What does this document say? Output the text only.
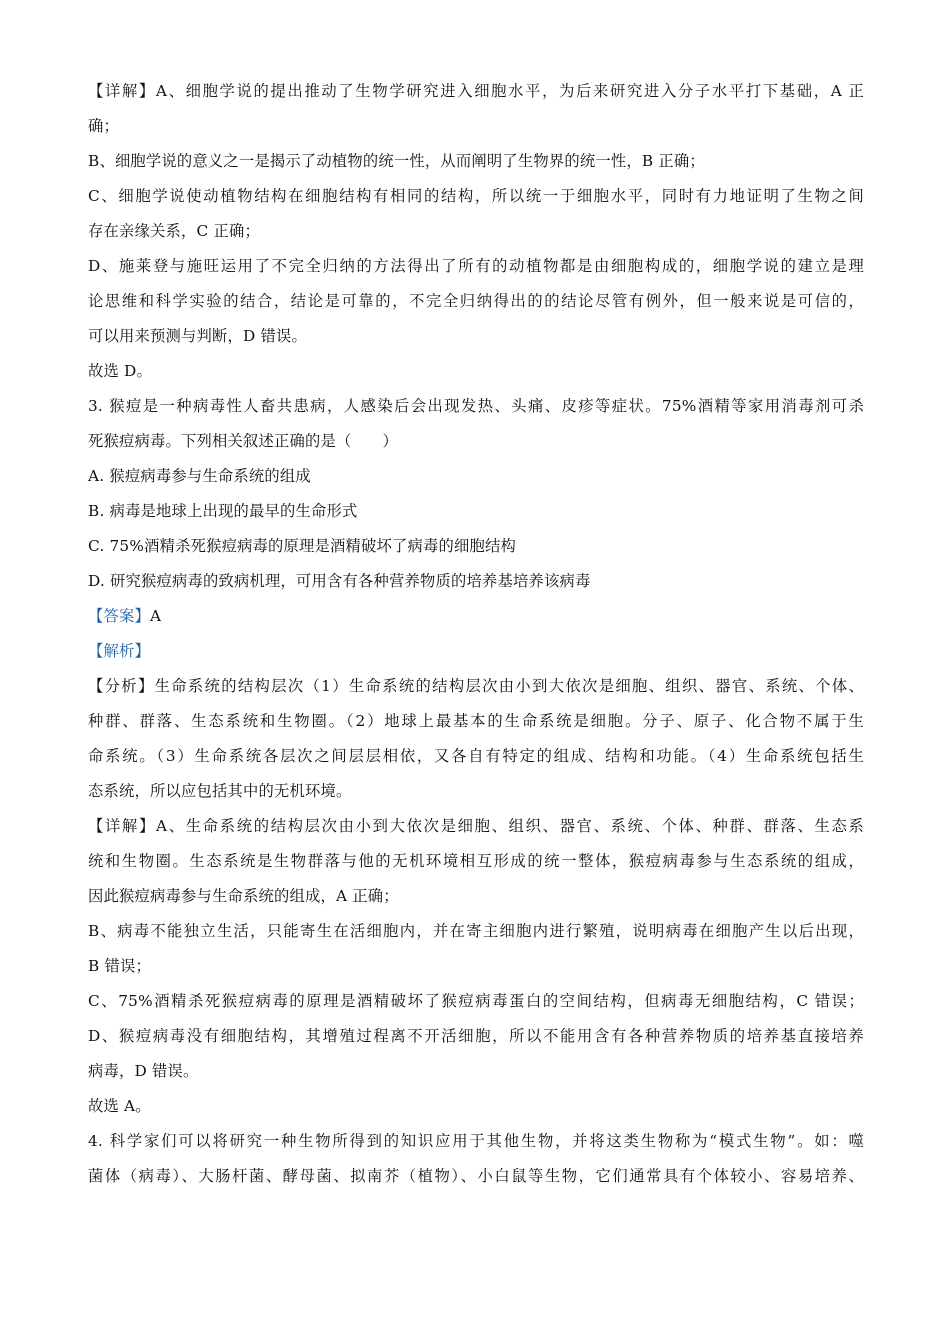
【详解】A、细胞学说的提出推动了生物学研究进入细胞水平，为后来研究进入分子水平打下基础，A 正
确；
B、细胞学说的意义之一是揭示了动植物的统一性，从而阐明了生物界的统一性，B 正确；
C、细胞学说使动植物结构在细胞结构有相同的结构，所以统一于细胞水平，同时有力地证明了生物之间
存在亲缘关系，C 正确；
D、施莱登与施旺运用了不完全归纳的方法得出了所有的动植物都是由细胞构成的，细胞学说的建立是理
论思维和科学实验的结合，结论是可靠的，不完全归纳得出的的结论尽管有例外，但一般来说是可信的，
可以用来预测与判断，D 错误。
故选 D。
3. 猴痘是一种病毒性人畜共患病，人感染后会出现发热、头痛、皮疹等症状。75%酒精等家用消毒剂可杀
死猴痘病毒。下列相关叙述正确的是（　　）
A. 猴痘病毒参与生命系统的组成
B. 病毒是地球上出现的最早的生命形式
C. 75%酒精杀死猴痘病毒的原理是酒精破坏了病毒的细胞结构
D. 研究猴痘病毒的致病机理，可用含有各种营养物质的培养基培养该病毒
【答案】A
【解析】
【分析】生命系统的结构层次（1）生命系统的结构层次由小到大依次是细胞、组织、器官、系统、个体、
种群、群落、生态系统和生物圈。（2）地球上最基本的生命系统是细胞。分子、原子、化合物不属于生
命系统。（3）生命系统各层次之间层层相依，又各自有特定的组成、结构和功能。（4）生命系统包括生
态系统，所以应包括其中的无机环境。
【详解】A、生命系统的结构层次由小到大依次是细胞、组织、器官、系统、个体、种群、群落、生态系
统和生物圈。生态系统是生物群落与他的无机环境相互形成的统一整体，猴痘病毒参与生态系统的组成，
因此猴痘病毒参与生命系统的组成，A 正确；
B、病毒不能独立生活，只能寄生在活细胞内，并在寄主细胞内进行繁殖，说明病毒在细胞产生以后出现，
B 错误；
C、75%酒精杀死猴痘病毒的原理是酒精破坏了猴痘病毒蛋白的空间结构，但病毒无细胞结构，C 错误；
D、猴痘病毒没有细胞结构，其增殖过程离不开活细胞，所以不能用含有各种营养物质的培养基直接培养
病毒，D 错误。
故选 A。
4. 科学家们可以将研究一种生物所得到的知识应用于其他生物，并将这类生物称为“模式生物”。如：噬
菌体（病毒）、大肠杆菌、酵母菌、拟南芥（植物）、小白鼠等生物，它们通常具有个体较小、容易培养、
